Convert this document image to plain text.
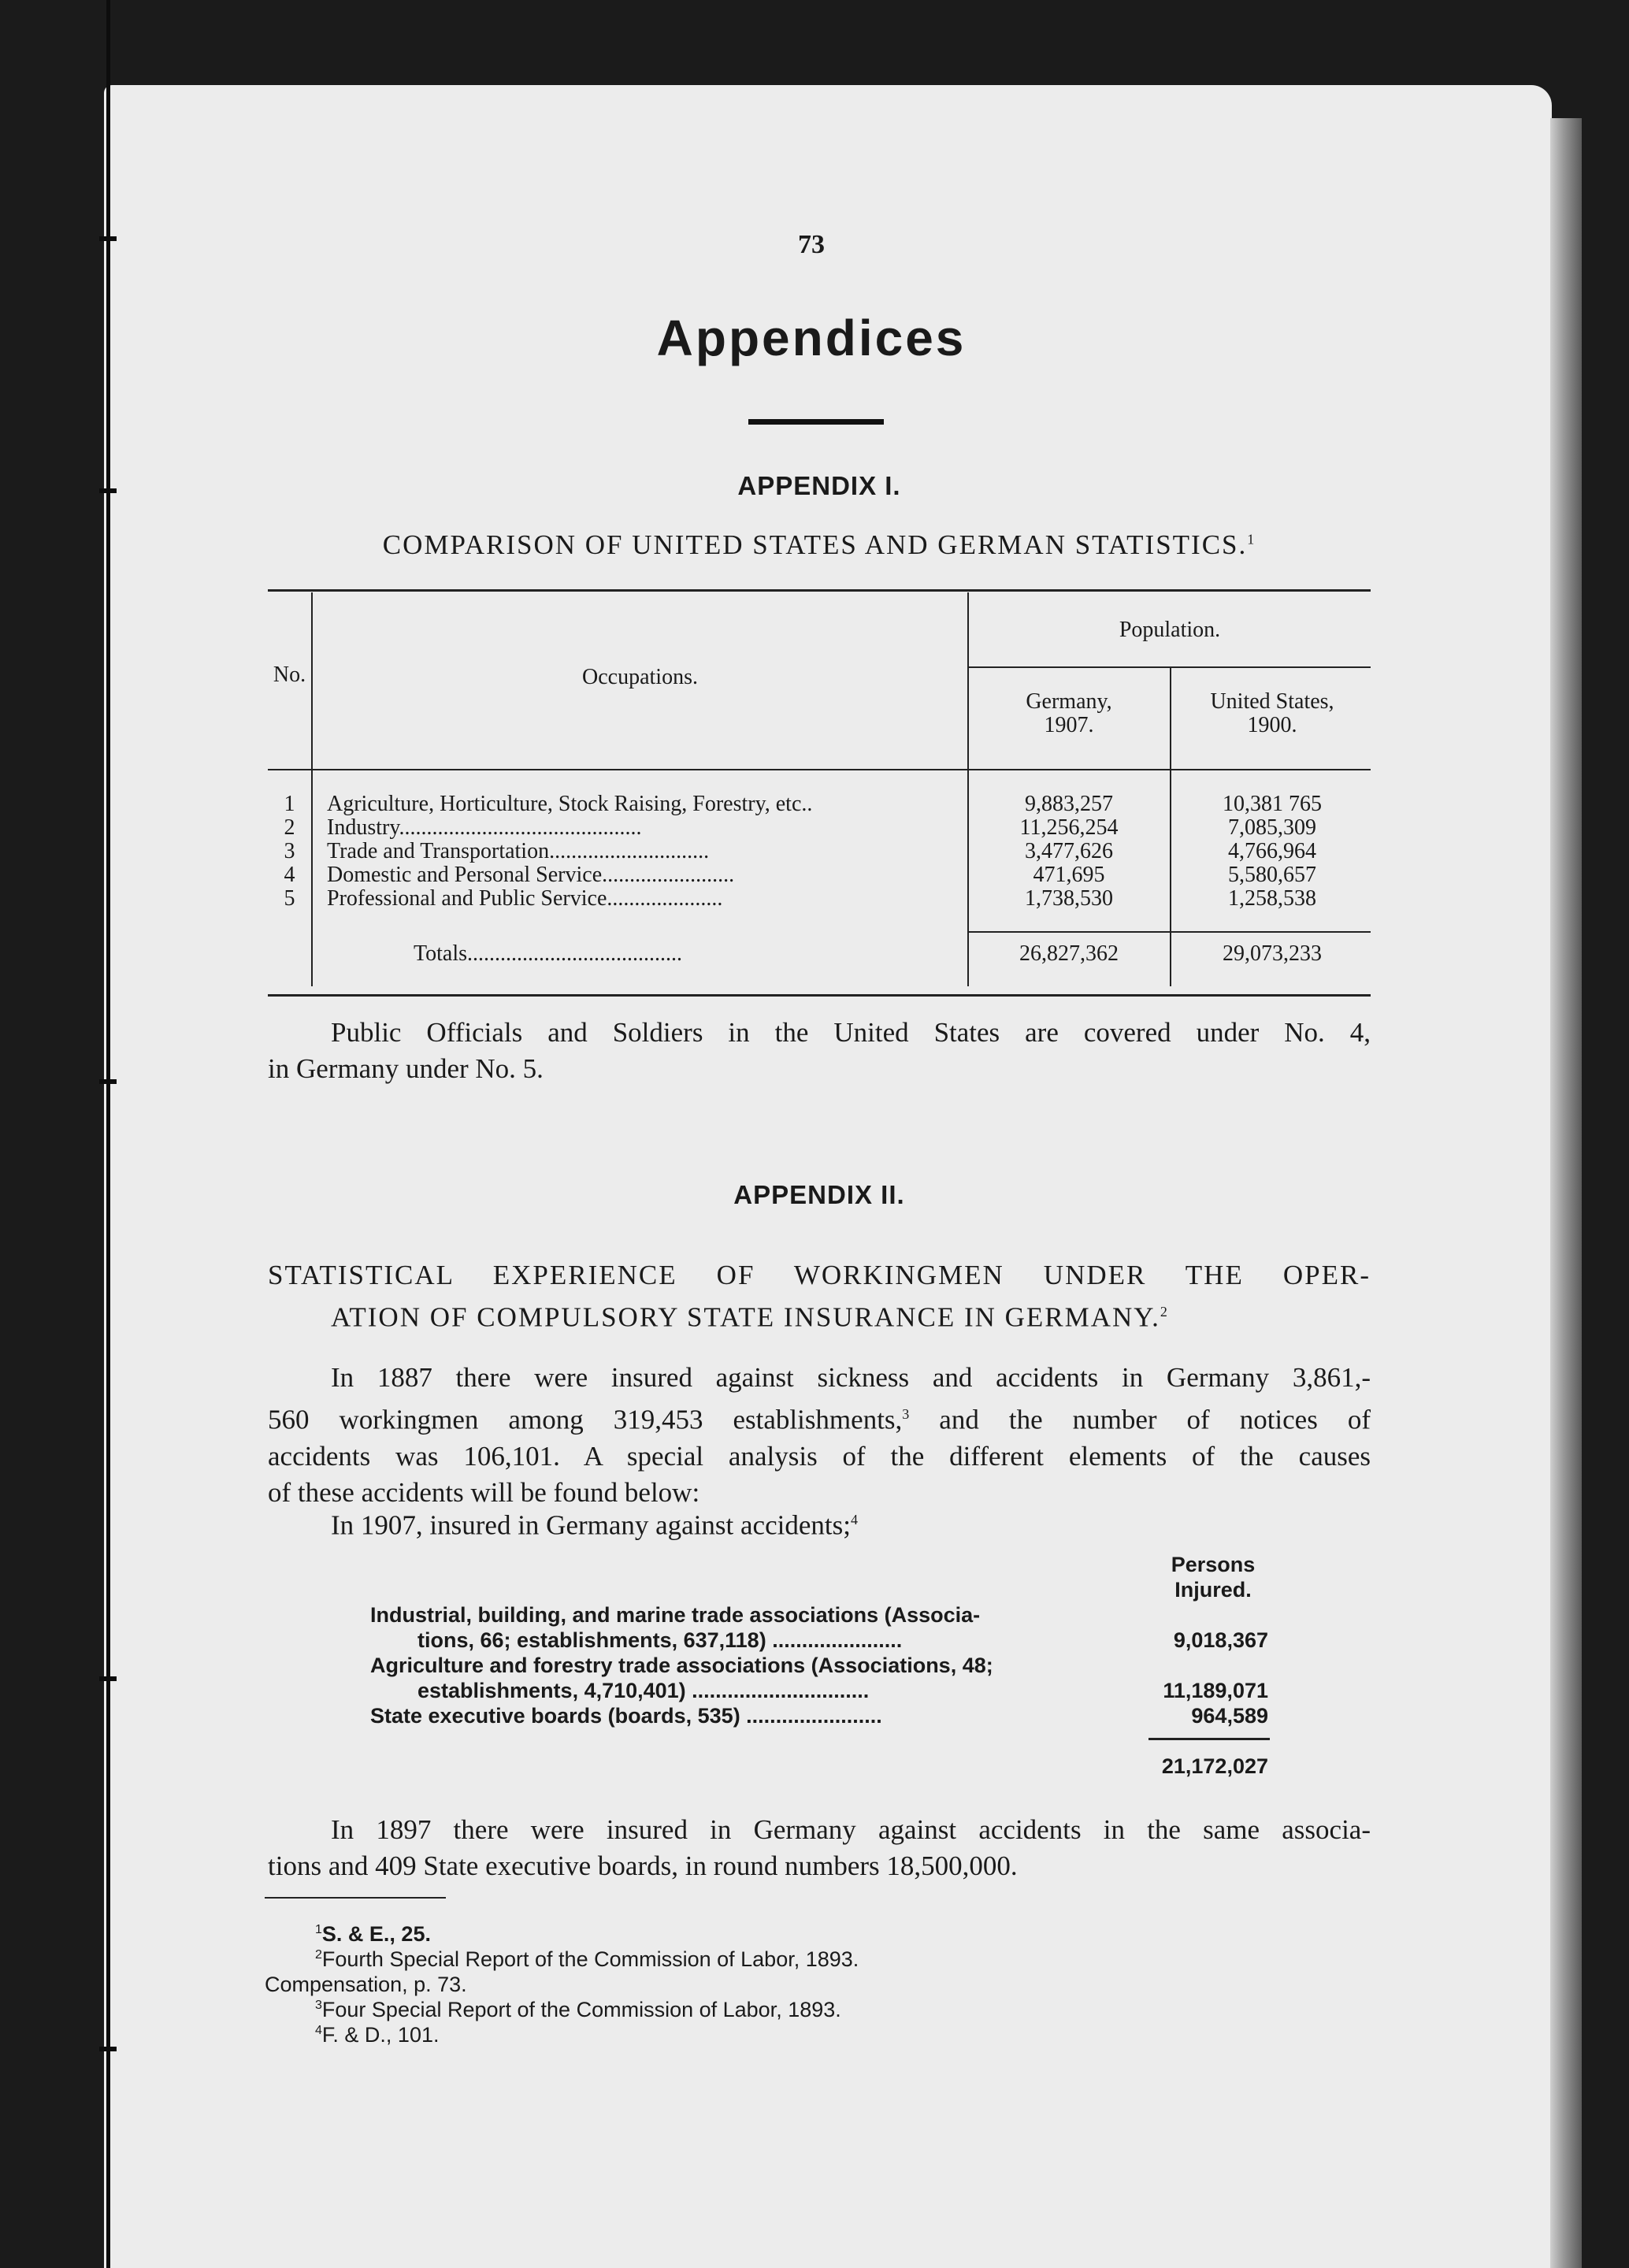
73
Appendices
APPENDIX I.
COMPARISON OF UNITED STATES AND GERMAN STATISTICS.$^1$
No.	Occupations.
Population.
Germany,
1907.
United States,
1900.
1	Agriculture, Horticulture, Stock Raising, Forestry, etc..	9,883,257	10,381 765
2	Industry............................................	11,256,254	7,085,309
3	Trade and Transportation.............................	3,477,626	4,766,964
4	Domestic and Personal Service........................	471,695	5,580,657
5	Professional and Public Service.....................	1,738,530	1,258,538
Totals.......................................	26,827,362	29,073,233
Public Officials and Soldiers in the United States are covered under No. 4,
in Germany under No. 5.
APPENDIX II.
STATISTICAL EXPERIENCE OF WORKINGMEN UNDER THE OPER-
ATION OF COMPULSORY STATE INSURANCE IN GERMANY.$^2$
In 1887 there were insured against sickness and accidents in Germany 3,861,-
560 workingmen among 319,453 establishments,$^3$ and the number of notices of
accidents was 106,101. A special analysis of the different elements of the causes
of these accidents will be found below:
In 1907, insured in Germany against accidents;$^4$
Persons
Injured.
Industrial, building, and marine trade associations (Associa-
tions, 66; establishments, 637,118) ......................	9,018,367
Agriculture and forestry trade associations (Associations, 48;
establishments, 4,710,401) ..............................	11,189,071
State executive boards (boards, 535) .......................	964,589
21,172,027
In 1897 there were insured in Germany against accidents in the same associa-
tions and 409 State executive boards, in round numbers 18,500,000.
$^1$S. & E., 25.
$^2$Fourth Special Report of the Commission of Labor, 1893.
Compensation, p. 73.
$^3$Four Special Report of the Commission of Labor, 1893.
$^4$F. & D., 101.
